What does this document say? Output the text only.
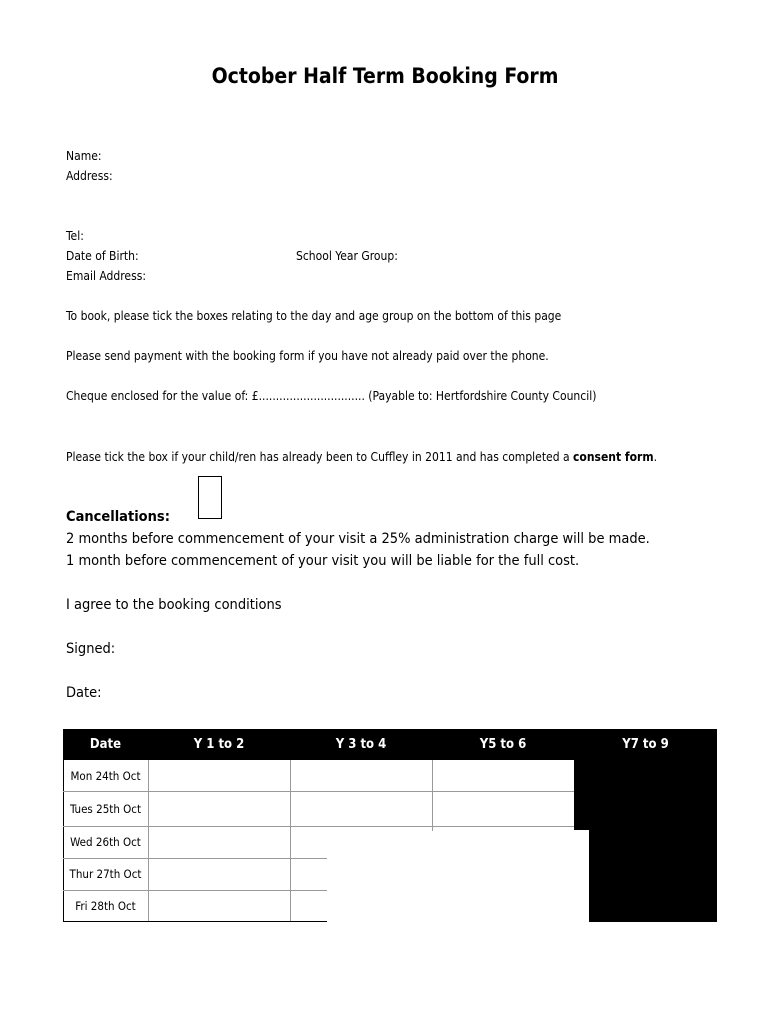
October Half Term Booking Form
Name:
Address:
Tel:
Date of Birth:	School Year Group:
Email Address:
To book, please tick the boxes relating to the day and age group on the bottom of this page
Please send payment with the booking form if you have not already paid over the phone.
Cheque enclosed for the value of: £............................... (Payable to: Hertfordshire County Council)
Please tick the box if your child/ren has already been to Cuffley in 2011 and has completed a consent form.
Cancellations:
2 months before commencement of your visit a 25% administration charge will be made.
1 month before commencement of your visit you will be liable for the full cost.
I agree to the booking conditions
Signed:
Date:
Date	Y 1 to 2	Y 3 to 4	Y5 to 6	Y7 to 9
Mon 24th Oct
Tues 25th Oct
Wed 26th Oct
Thur 27th Oct
Fri 28th Oct
